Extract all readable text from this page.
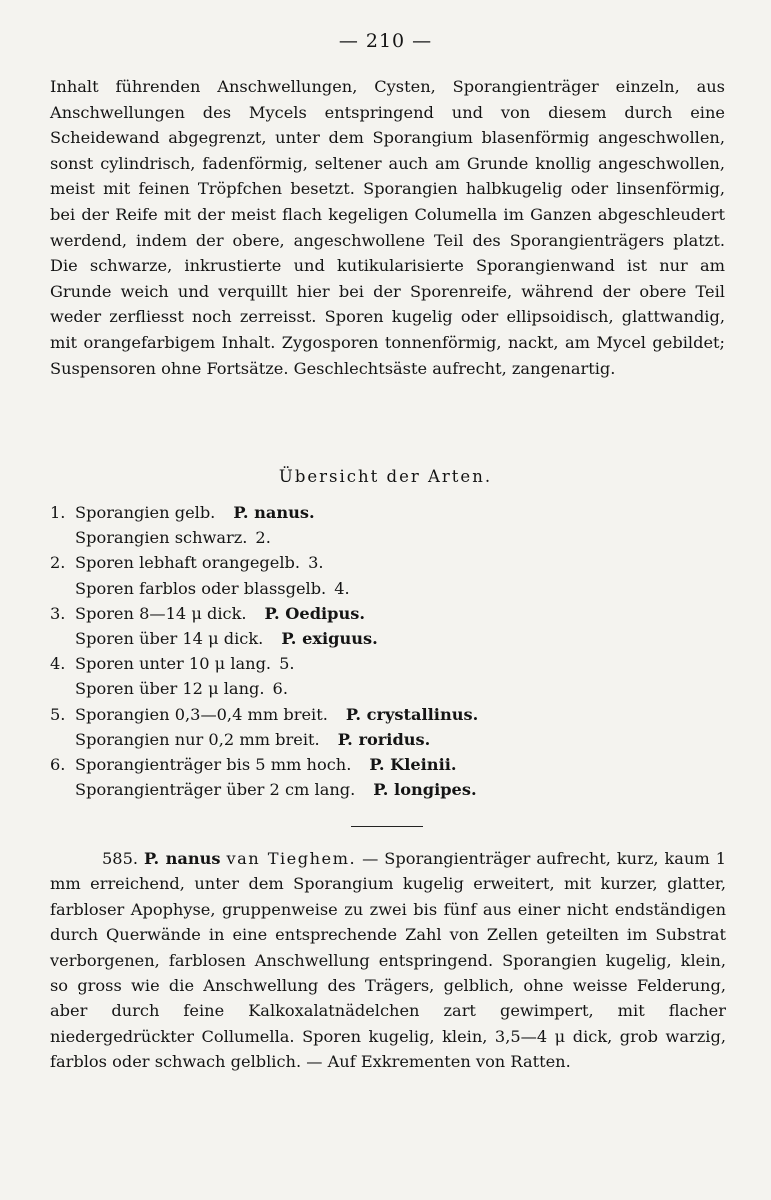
— 210 —

Inhalt führenden Anschwellungen, Cysten, Sporangienträger einzeln, aus Anschwellungen des Mycels entspringend und von diesem durch eine Scheidewand abgegrenzt, unter dem Sporangium blasenförmig angeschwollen, sonst cylindrisch, fadenförmig, seltener auch am Grunde knollig angeschwollen, meist mit feinen Tröpfchen besetzt. Sporangien halbkugelig oder linsenförmig, bei der Reife mit der meist flach kegeligen Columella im Ganzen abgeschleudert werdend, indem der obere, angeschwollene Teil des Sporangienträgers platzt. Die schwarze, inkrustierte und kutikularisierte Sporangienwand ist nur am Grunde weich und verquillt hier bei der Sporenreife, während der obere Teil weder zerfliesst noch zerreisst. Sporen kugelig oder ellipsoidisch, glattwandig, mit orangefarbigem Inhalt. Zygosporen tonnenförmig, nackt, am Mycel gebildet; Suspensoren ohne Fortsätze. Geschlechtsäste aufrecht, zangenartig.

Übersicht der Arten.
1. Sporangien gelb. P. nanus.
Sporangien schwarz. 2.
2. Sporen lebhaft orangegelb. 3.
Sporen farblos oder blassgelb. 4.
3. Sporen 8—14 μ dick. P. Oedipus.
Sporen über 14 μ dick. P. exiguus.
4. Sporen unter 10 μ lang. 5.
Sporen über 12 μ lang. 6.
5. Sporangien 0,3—0,4 mm breit. P. crystallinus.
Sporangien nur 0,2 mm breit. P. roridus.
6. Sporangienträger bis 5 mm hoch. P. Kleinii.
Sporangienträger über 2 cm lang. P. longipes.

585. P. nanus van Tieghem. — Sporangienträger aufrecht, kurz, kaum 1 mm erreichend, unter dem Sporangium kugelig erweitert, mit kurzer, glatter, farbloser Apophyse, gruppenweise zu zwei bis fünf aus einer nicht endständigen durch Querwände in eine entsprechende Zahl von Zellen geteilten im Substrat verborgenen, farblosen Anschwellung entspringend. Sporangien kugelig, klein, so gross wie die Anschwellung des Trägers, gelblich, ohne weisse Felderung, aber durch feine Kalkoxalatnädelchen zart gewimpert, mit flacher niedergedrückter Collumella. Sporen kugelig, klein, 3,5—4 μ dick, grob warzig, farblos oder schwach gelblich. — Auf Exkrementen von Ratten.
